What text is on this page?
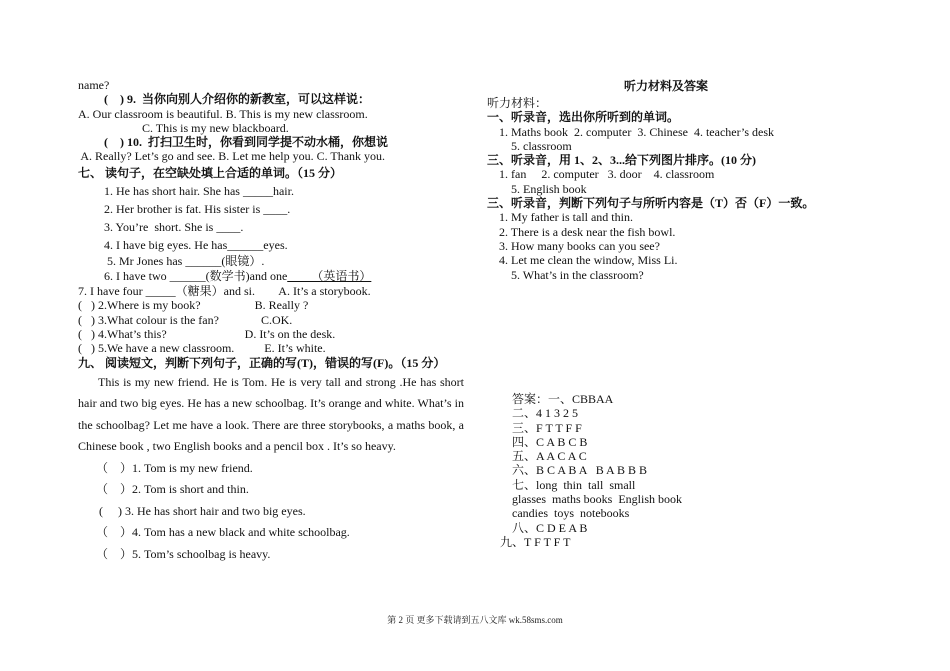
name?
(    ) 9.  当你向别人介绍你的新教室，可以这样说：
A. Our classroom is beautiful. B. This is my new classroom.
C. This is my new blackboard.
(    ) 10.  打扫卫生时，你看到同学提不动水桶，你想说
A. Really? Let’s go and see. B. Let me help you. C. Thank you.
七、 读句子，在空缺处填上合适的单词。（15 分）
1. He has short hair. She has _____hair.
2. Her brother is fat. His sister is ____.
3. You’re  short. She is ____.
4. I have big eyes. He has______eyes.
5. Mr Jones has ______(眼镜）.
6. I have two ______(数学书)and one____（英语书）
7. I have four _____（糖果）and si.        A. It’s a storybook.
(   ) 2.Where is my book?                  B. Really ?
(   ) 3.What colour is the fan?              C.OK.
(   ) 4.What’s this?                          D. It’s on the desk.
(   ) 5.We have a new classroom.          E. It’s white.
九、 阅读短文，判断下列句子，正确的写(T)，错误的写(F)。（15 分）
This is my new friend. He is Tom. He is very tall and strong .He has short hair and two big eyes. He has a new schoolbag. It’s orange and white. What’s in the schoolbag? Let me have a look. There are three storybooks, a maths book, a Chinese book , two English books and a pencil box . It’s so heavy.
（    ）1. Tom is my new friend.
（    ）2. Tom is short and thin.
(     ) 3. He has short hair and two big eyes.
（    ）4. Tom has a new black and white schoolbag.
（    ）5. Tom’s schoolbag is heavy.
听力材料及答案
听力材料：
一、听录音，选出你所听到的单词。
1. Maths book  2. computer  3. Chinese  4. teacher’s desk
5. classroom
三、听录音，用 1、2、3...给下列图片排序。(10 分)
1. fan     2. computer   3. door    4. classroom
5. English book
三、听录音，判断下列句子与所听内容是（T）否（F）一致。
1. My father is tall and thin.
2. There is a desk near the fish bowl.
3. How many books can you see?
4. Let me clean the window, Miss Li.
5. What’s in the classroom?
答案：一、CBBAA
二、4 1 3 2 5
三、F T T F F
四、C A B C B
五、A A C A C
六、B C A B A   B A B B B
七、long  thin  tall  small
glasses  maths books  English book
candies  toys  notebooks
八、C D E A B
九、T F T F T
第 2 页 更多下载请到五八文库 wk.58sms.com
